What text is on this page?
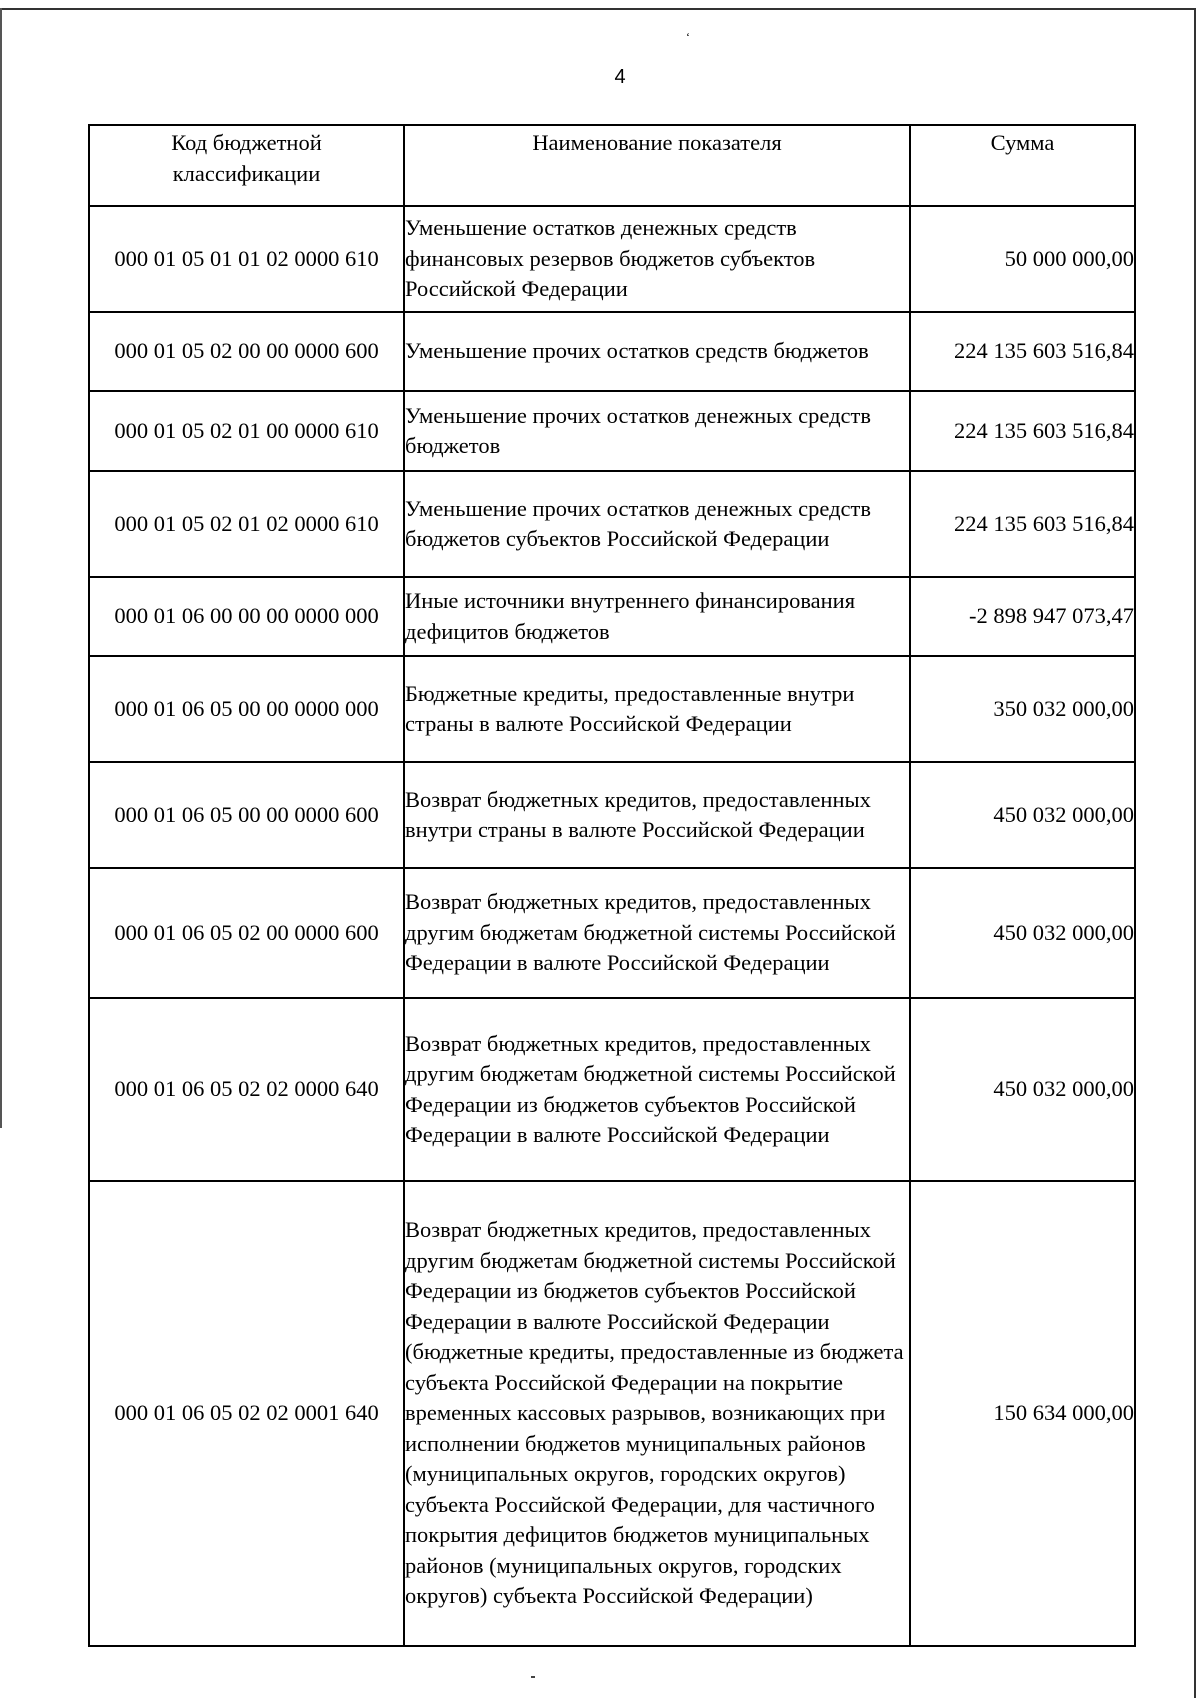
‘
4
Код бюджетной классификации	Наименование показателя	Сумма
000 01 05 01 01 02 0000 610	Уменьшение остатков денежных средств финансовых резервов бюджетов субъектов Российской Федерации	50 000 000,00
000 01 05 02 00 00 0000 600	Уменьшение прочих остатков средств бюджетов	224 135 603 516,84
000 01 05 02 01 00 0000 610	Уменьшение прочих остатков денежных средств бюджетов	224 135 603 516,84
000 01 05 02 01 02 0000 610	Уменьшение прочих остатков денежных средств бюджетов субъектов Российской Федерации	224 135 603 516,84
000 01 06 00 00 00 0000 000	Иные источники внутреннего финансирования дефицитов бюджетов	-2 898 947 073,47
000 01 06 05 00 00 0000 000	Бюджетные кредиты, предоставленные внутри страны в валюте Российской Федерации	350 032 000,00
000 01 06 05 00 00 0000 600	Возврат бюджетных кредитов, предоставленных внутри страны в валюте Российской Федерации	450 032 000,00
000 01 06 05 02 00 0000 600	Возврат бюджетных кредитов, предоставленных другим бюджетам бюджетной системы Российской Федерации в валюте Российской Федерации	450 032 000,00
000 01 06 05 02 02 0000 640	Возврат бюджетных кредитов, предоставленных другим бюджетам бюджетной системы Российской Федерации из бюджетов субъектов Российской Федерации в валюте Российской Федерации	450 032 000,00
000 01 06 05 02 02 0001 640	Возврат бюджетных кредитов, предоставленных другим бюджетам бюджетной системы Российской Федерации из бюджетов субъектов Российской Федерации в валюте Российской Федерации (бюджетные кредиты, предоставленные из бюджета субъекта Российской Федерации на покрытие временных кассовых разрывов, возникающих при исполнении бюджетов муниципальных районов (муниципальных округов, городских округов) субъекта Российской Федерации, для частичного покрытия дефицитов бюджетов муниципальных районов (муниципальных округов, городских округов) субъекта Российской Федерации)	150 634 000,00
